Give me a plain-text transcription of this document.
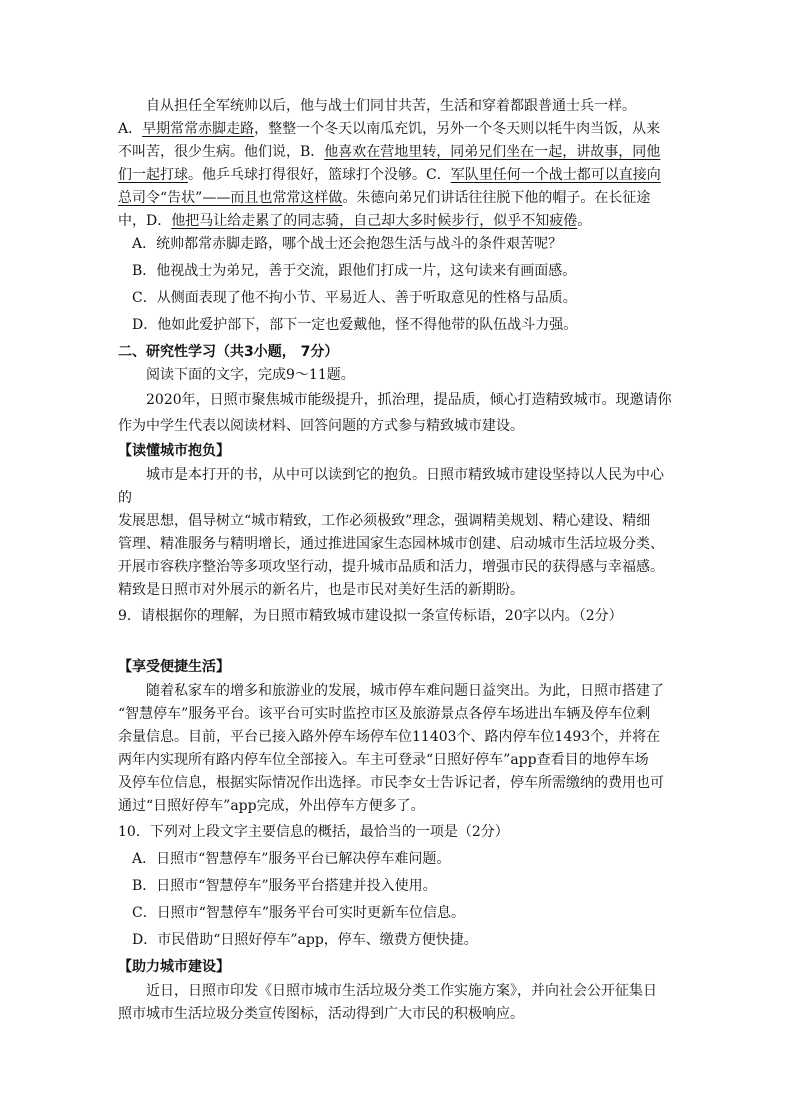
自从担任全军统帅以后，他与战士们同甘共苦，生活和穿着都跟普通士兵一样。
A．早期常常赤脚走路，整整一个冬天以南瓜充饥，另外一个冬天则以牦牛肉当饭，从来
不叫苦，很少生病。他们说，B．他喜欢在营地里转，同弟兄们坐在一起，讲故事，同他
们一起打球。他乒乓球打得很好，篮球打个没够。C．军队里任何一个战士都可以直接向
总司令“告状”——而且也常常这样做。朱德向弟兄们讲话往往脱下他的帽子。在长征途
中，D．他把马让给走累了的同志骑，自己却大多时候步行，似乎不知疲倦。
A．统帅都常赤脚走路，哪个战士还会抱怨生活与战斗的条件艰苦呢？
B．他视战士为弟兄，善于交流，跟他们打成一片，这句读来有画面感。
C．从侧面表现了他不拘小节、平易近人、善于听取意见的性格与品质。
D．他如此爱护部下，部下一定也爱戴他，怪不得他带的队伍战斗力强。
二、研究性学习（共3小题， 7分）
阅读下面的文字，完成9～11题。
2020年，日照市聚焦城市能级提升，抓治理，提品质，倾心打造精致城市。现邀请你
作为中学生代表以阅读材料、回答问题的方式参与精致城市建设。
【读懂城市抱负】
城市是本打开的书，从中可以读到它的抱负。日照市精致城市建设坚持以人民为中心
的
发展思想，倡导树立“城市精致，工作必须极致”理念，强调精美规划、精心建设、精细
管理、精准服务与精明增长，通过推进国家生态园林城市创建、启动城市生活垃圾分类、
开展市容秩序整治等多项攻坚行动，提升城市品质和活力，增强市民的获得感与幸福感。
精致是日照市对外展示的新名片，也是市民对美好生活的新期盼。
9．请根据你的理解，为日照市精致城市建设拟一条宣传标语，20字以内。（2分）
【享受便捷生活】
随着私家车的增多和旅游业的发展，城市停车难问题日益突出。为此，日照市搭建了
“智慧停车”服务平台。该平台可实时监控市区及旅游景点各停车场进出车辆及停车位剩
余量信息。目前，平台已接入路外停车场停车位11403个、路内停车位1493个，并将在
两年内实现所有路内停车位全部接入。车主可登录“日照好停车”app查看目的地停车场
及停车位信息，根据实际情况作出选择。市民李女士告诉记者，停车所需缴纳的费用也可
通过“日照好停车”app完成，外出停车方便多了。
10．下列对上段文字主要信息的概括，最恰当的一项是（2分）
A．日照市“智慧停车”服务平台已解决停车难问题。
B．日照市“智慧停车”服务平台搭建并投入使用。
C．日照市“智慧停车”服务平台可实时更新车位信息。
D．市民借助“日照好停车”app，停车、缴费方便快捷。
【助力城市建设】
近日，日照市印发《日照市城市生活垃圾分类工作实施方案》，并向社会公开征集日
照市城市生活垃圾分类宣传图标，活动得到广大市民的积极响应。
